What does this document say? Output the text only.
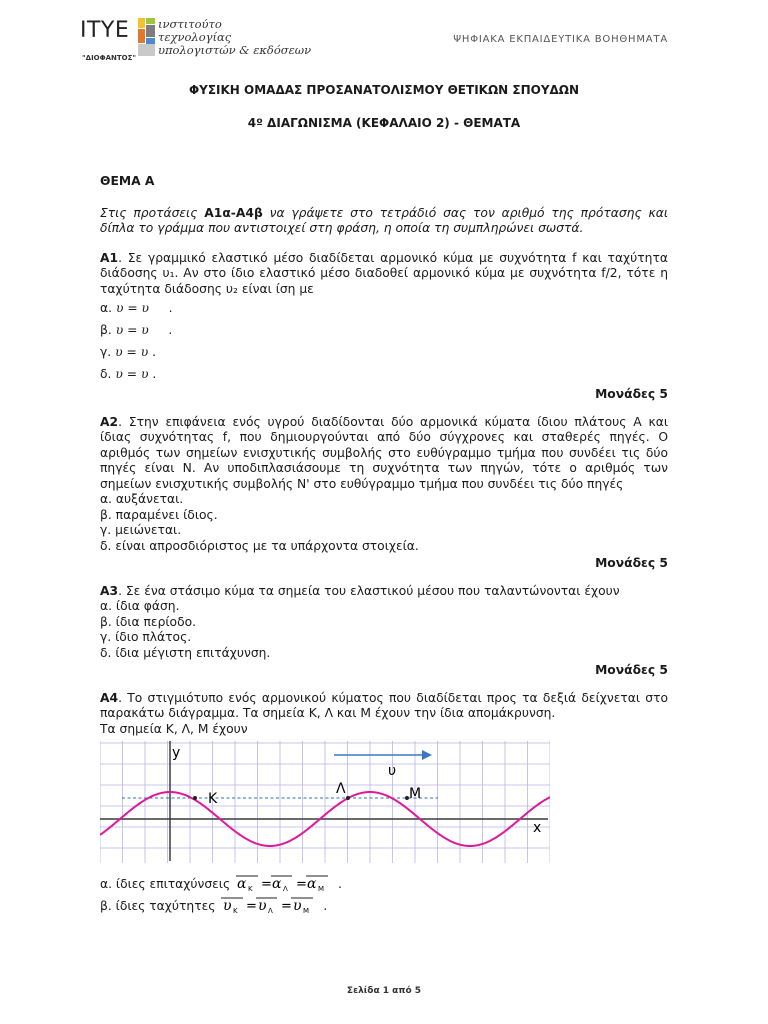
ΙΤΥΕ
"ΔΙΟΦΑΝΤΟΣ"
ινστιτούτο
τεχνολογίας
υπολογιστών & εκδόσεων
ΨΗΦΙΑΚΑ ΕΚΠΑΙΔΕΥΤΙΚΑ ΒΟΗΘΗΜΑΤΑ
ΦΥΣΙΚΗ ΟΜΑΔΑΣ ΠΡΟΣΑΝΑΤΟΛΙΣΜΟΥ ΘΕΤΙΚΩΝ ΣΠΟΥΔΩΝ
4º ΔΙΑΓΩΝΙΣΜΑ (ΚΕΦΑΛΑΙΟ 2) - ΘΕΜΑΤΑ
ΘΕΜΑ Α
Στις προτάσεις Α1α-Α4β να γράψετε στο τετράδιό σας τον αριθμό της πρότασης και δίπλα το γράμμα που αντιστοιχεί στη φράση, η οποία τη συμπληρώνει σωστά.
Α1. Σε γραμμικό ελαστικό μέσο διαδίδεται αρμονικό κύμα με συχνότητα f και ταχύτητα διάδοσης υ₁. Αν στο ίδιο ελαστικό μέσο διαδοθεί αρμονικό κύμα με συχνότητα f/2, τότε η ταχύτητα διάδοσης υ₂ είναι ίση με
α. υ = υ .
β. υ = υ .
γ. υ = υ .
δ. υ = υ .
Μονάδες 5
Α2. Στην επιφάνεια ενός υγρού διαδίδονται δύο αρμονικά κύματα ίδιου πλάτους Α και ίδιας συχνότητας f, που δημιουργούνται από δύο σύγχρονες και σταθερές πηγές. Ο αριθμός των σημείων ενισχυτικής συμβολής στο ευθύγραμμο τμήμα που συνδέει τις δύο πηγές είναι Ν. Αν υποδιπλασιάσουμε τη συχνότητα των πηγών, τότε ο αριθμός των σημείων ενισχυτικής συμβολής Ν' στο ευθύγραμμο τμήμα που συνδέει τις δύο πηγές
α. αυξάνεται.
β. παραμένει ίδιος.
γ. μειώνεται.
δ. είναι απροσδιόριστος με τα υπάρχοντα στοιχεία.
Μονάδες 5
Α3. Σε ένα στάσιμο κύμα τα σημεία του ελαστικού μέσου που ταλαντώνονται έχουν
α. ίδια φάση.
β. ίδια περίοδο.
γ. ίδιο πλάτος.
δ. ίδια μέγιστη επιτάχυνση.
Μονάδες 5
Α4. Το στιγμιότυπο ενός αρμονικού κύματος που διαδίδεται προς τα δεξιά δείχνεται στο παρακάτω διάγραμμα. Τα σημεία Κ, Λ και Μ έχουν την ίδια απομάκρυνση.
Τα σημεία Κ, Λ, Μ έχουν
y
x
υ
Κ
Λ	Μ
α. ίδιες επιταχύνσεις α Κ = α Λ = α Μ .
β. ίδιες ταχύτητες υ Κ = υ Λ = υ Μ .
Σελίδα 1 από 5
